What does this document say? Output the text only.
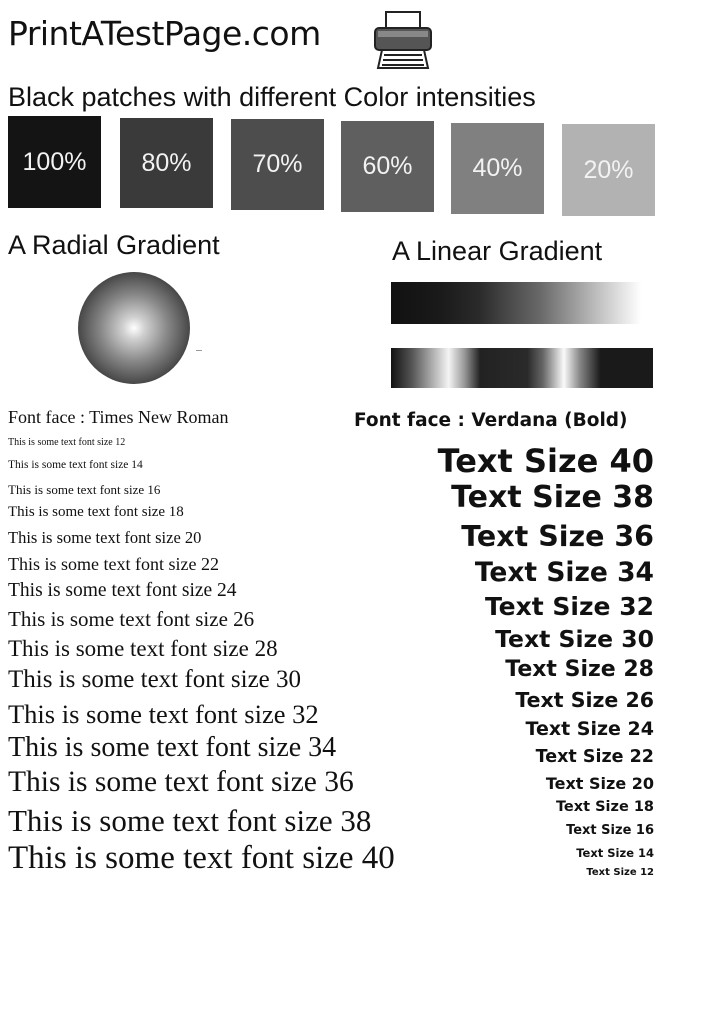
PrintATestPage.com
Black patches with different Color intensities
100%	80%	70%	60%	40%	20%
A Radial Gradient	A Linear Gradient
Font face : Times New Roman
This is some text font size 12
This is some text font size 14
This is some text font size 16
This is some text font size 18
This is some text font size 20
This is some text font size 22
This is some text font size 24
This is some text font size 26
This is some text font size 28
This is some text font size 30
This is some text font size 32
This is some text font size 34
This is some text font size 36
This is some text font size 38
This is some text font size 40
Font face : Verdana (Bold)
Text Size 40
Text Size 38
Text Size 36
Text Size 34
Text Size 32
Text Size 30
Text Size 28
Text Size 26
Text Size 24
Text Size 22
Text Size 20
Text Size 18
Text Size 16
Text Size 14
Text Size 12
